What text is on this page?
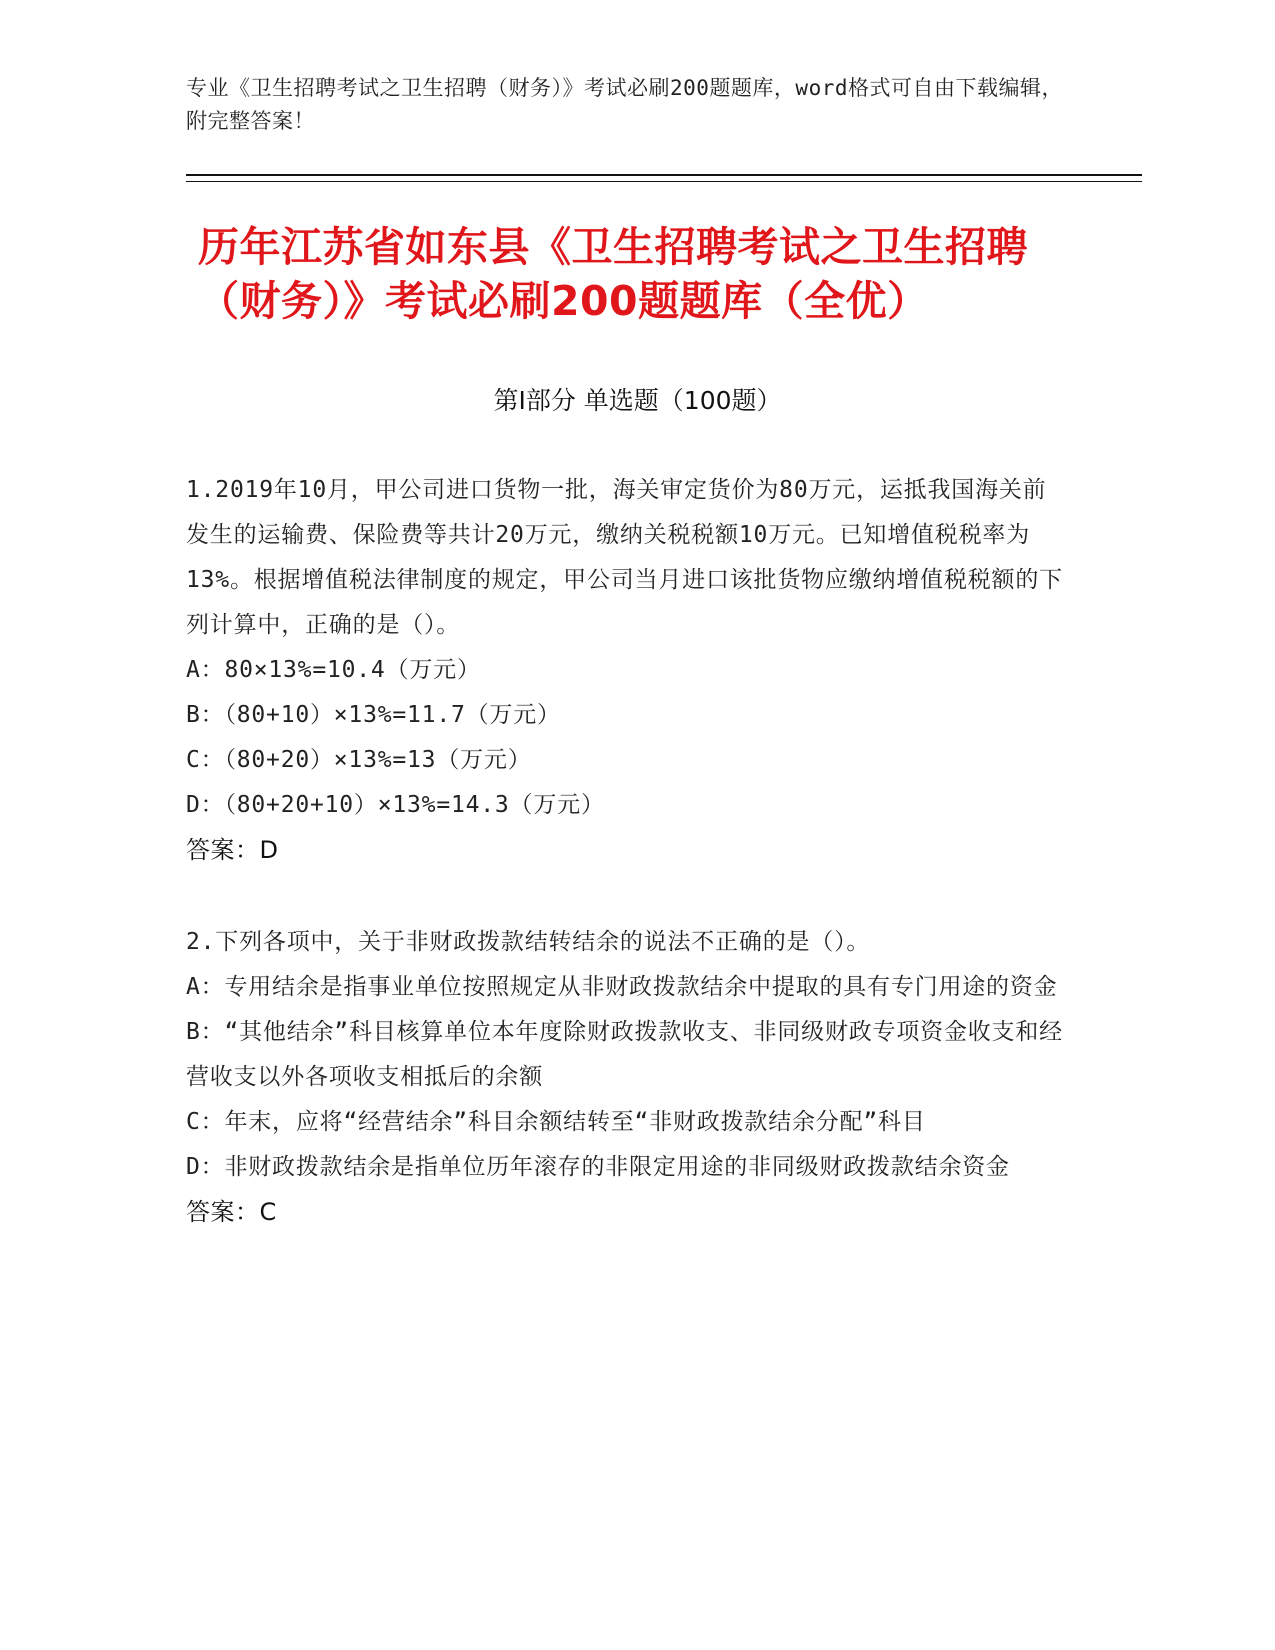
专业《卫生招聘考试之卫生招聘（财务）》考试必刷200题题库，word格式可自由下载编辑，附完整答案！
历年江苏省如东县《卫生招聘考试之卫生招聘（财务）》考试必刷200题题库（全优）
第Ⅰ部分 单选题（100题）

1.2019年10月，甲公司进口货物一批，海关审定货价为80万元，运抵我国海关前发生的运输费、保险费等共计20万元，缴纳关税税额10万元。已知增值税税率为13%。根据增值税法律制度的规定，甲公司当月进口该批货物应缴纳增值税税额的下列计算中，正确的是（）。

A：80×13%=10.4（万元）

B：（80+10）×13%=11.7（万元）

C：（80+20）×13%=13（万元）

D：（80+20+10）×13%=14.3（万元）

答案：D

2.下列各项中，关于非财政拨款结转结余的说法不正确的是（）。

A：专用结余是指事业单位按照规定从非财政拨款结余中提取的具有专门用途的资金

B：“其他结余”科目核算单位本年度除财政拨款收支、非同级财政专项资金收支和经营收支以外各项收支相抵后的余额

C：年末，应将“经营结余”科目余额结转至“非财政拨款结余分配”科目

D：非财政拨款结余是指单位历年滚存的非限定用途的非同级财政拨款结余资金

答案：C
